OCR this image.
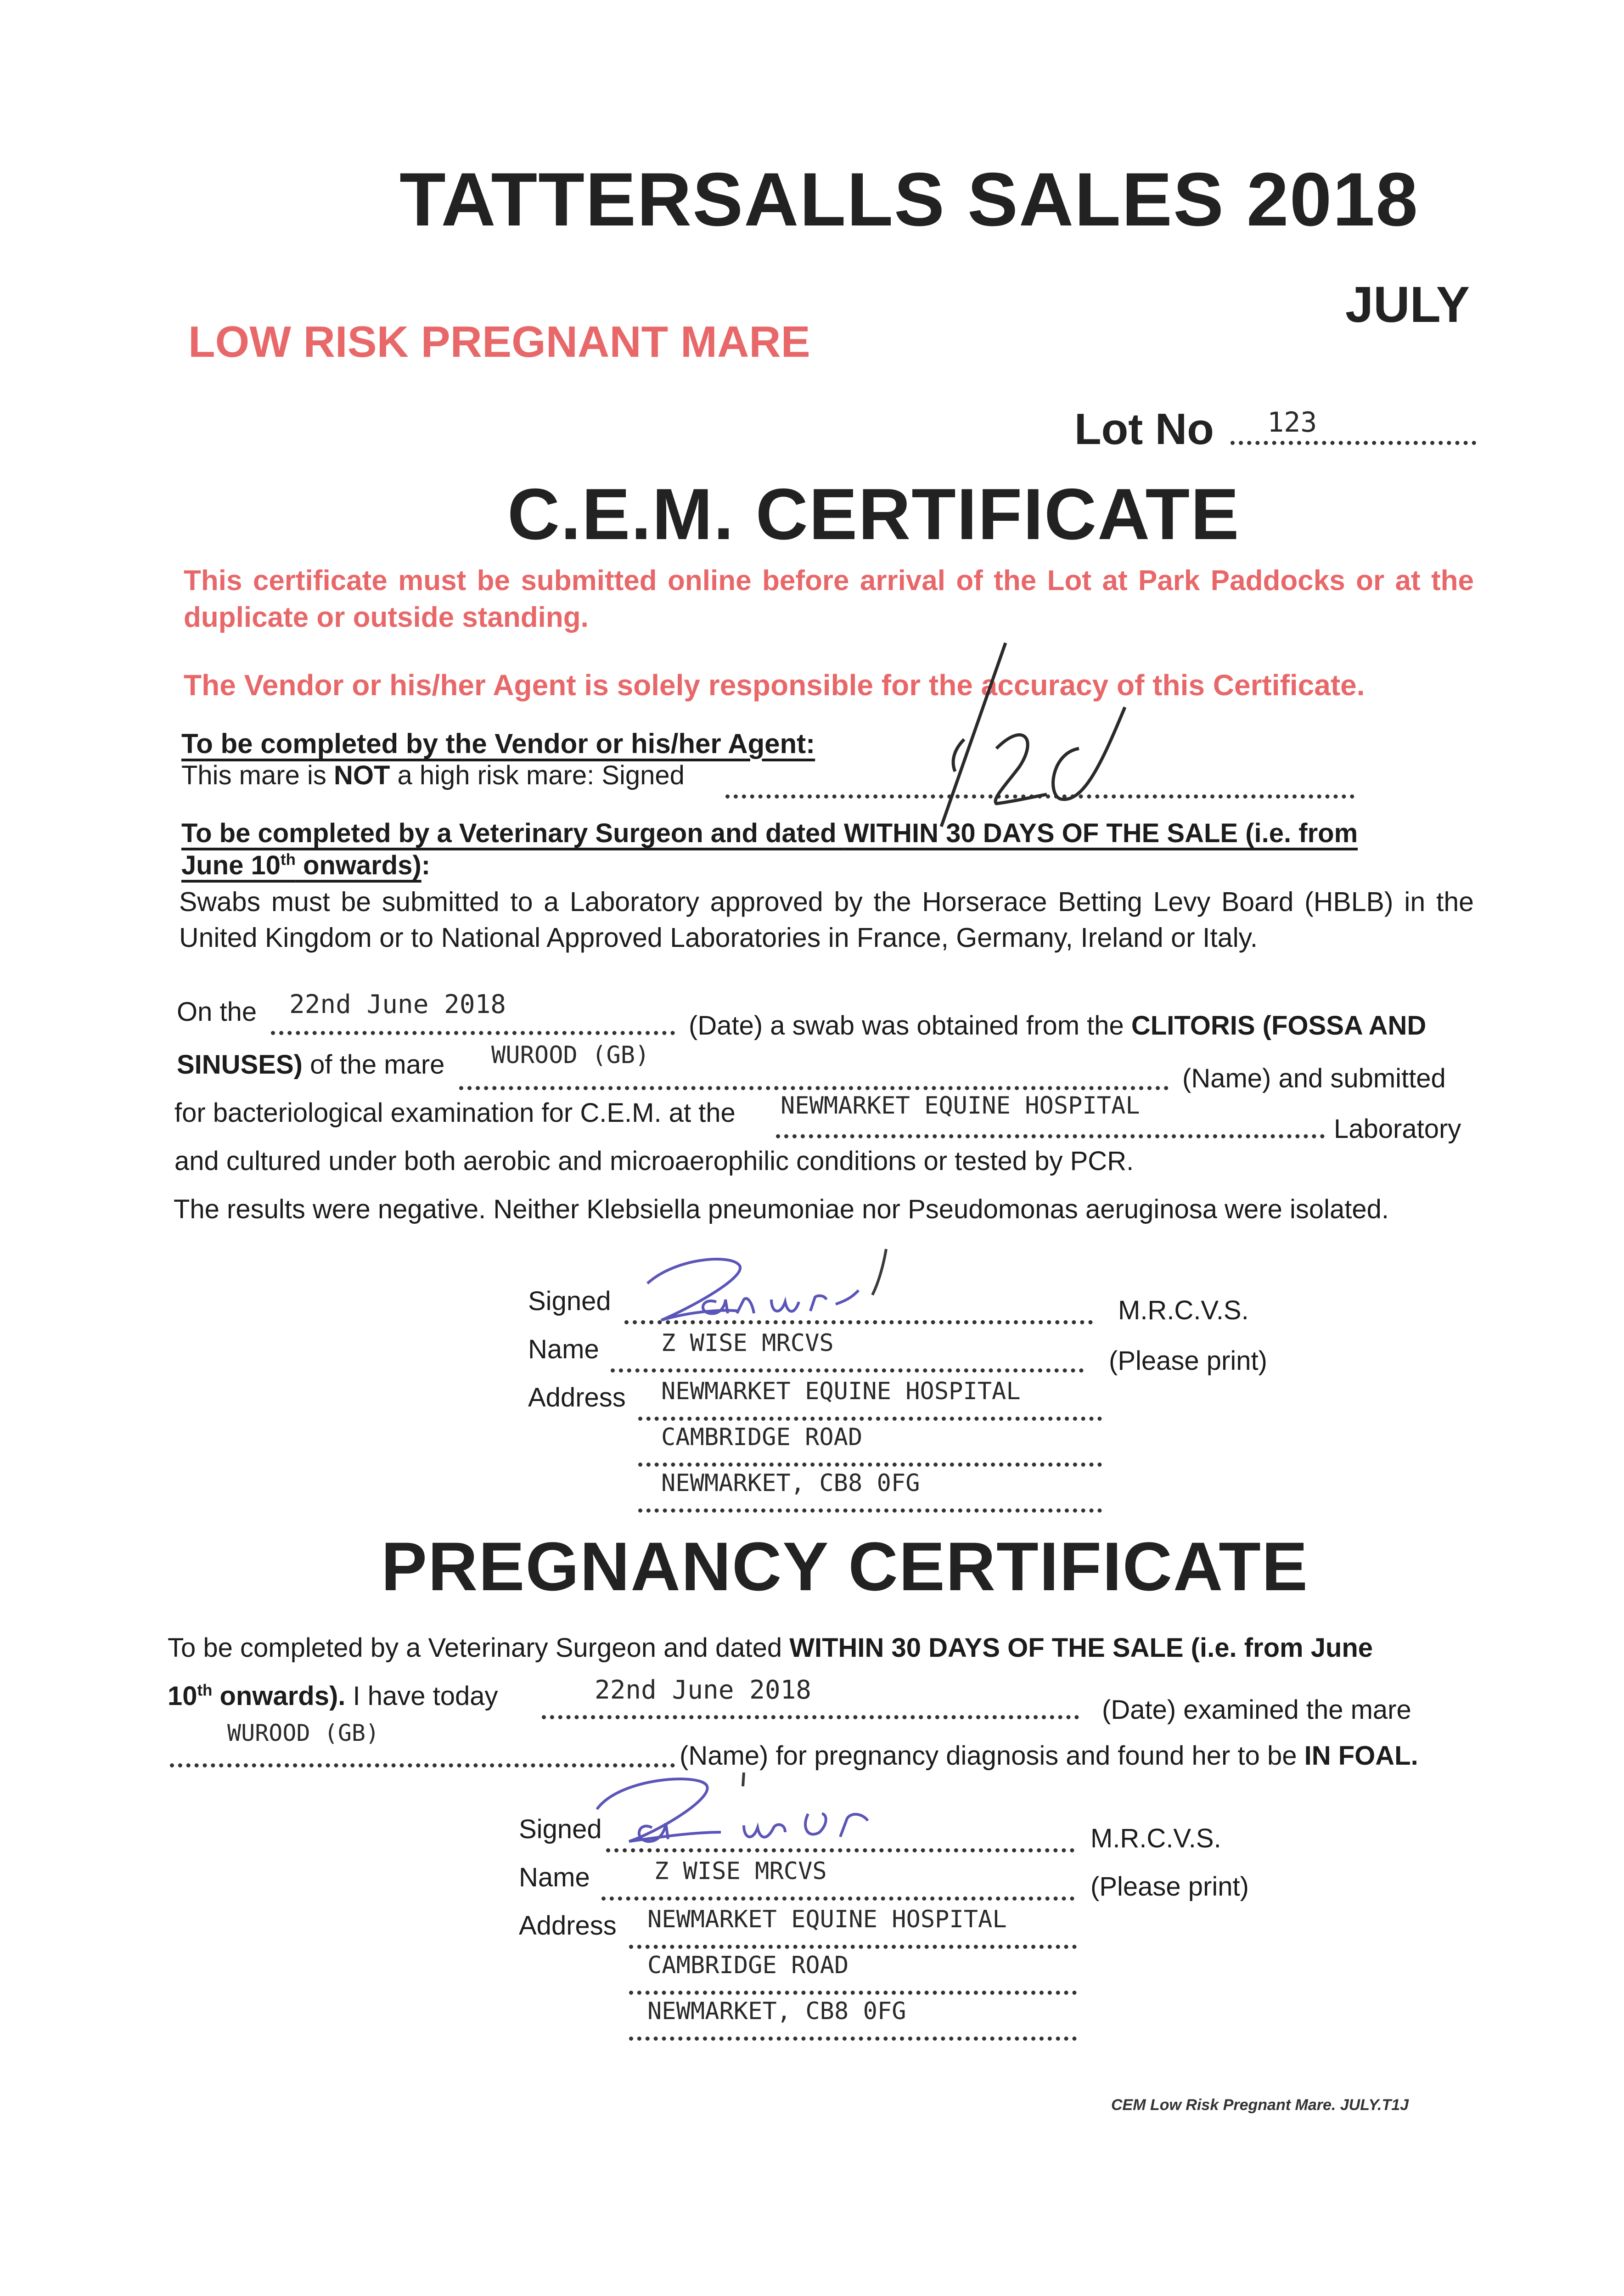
TATTERSALLS SALES 2018
JULY
LOW RISK PREGNANT MARE
Lot No 123
C.E.M. CERTIFICATE
This certificate must be submitted online before arrival of the Lot at Park Paddocks or at the duplicate or outside standing.
The Vendor or his/her Agent is solely responsible for the accuracy of this Certificate.
To be completed by the Vendor or his/her Agent:
This mare is NOT a high risk mare: Signed
To be completed by a Veterinary Surgeon and dated WITHIN 30 DAYS OF THE SALE (i.e. from
June 10th onwards):
Swabs must be submitted to a Laboratory approved by the Horserace Betting Levy Board (HBLB) in the United Kingdom or to National Approved Laboratories in France, Germany, Ireland or Italy.
On the 22nd June 2018
(Date) a swab was obtained from the CLITORIS (FOSSA AND
SINUSES) of the mare WUROOD (GB)
(Name) and submitted
for bacteriological examination for C.E.M. at the NEWMARKET EQUINE HOSPITAL
Laboratory
and cultured under both aerobic and microaerophilic conditions or tested by PCR.
The results were negative. Neither Klebsiella pneumoniae nor Pseudomonas aeruginosa were isolated.
Signed	M.R.C.V.S.
Name	Z WISE MRCVS
(Please print)
Address NEWMARKET EQUINE HOSPITAL
CAMBRIDGE ROAD
NEWMARKET, CB8 0FG
PREGNANCY CERTIFICATE
To be completed by a Veterinary Surgeon and dated WITHIN 30 DAYS OF THE SALE (i.e. from June
10th onwards). I have today	22nd June 2018
(Date) examined the mare
WUROOD (GB)
(Name) for pregnancy diagnosis and found her to be IN FOAL.
Signed	M.R.C.V.S.
Name	Z WISE MRCVS
(Please print)
Address NEWMARKET EQUINE HOSPITAL
CAMBRIDGE ROAD
NEWMARKET, CB8 0FG
CEM Low Risk Pregnant Mare. JULY.T1J
